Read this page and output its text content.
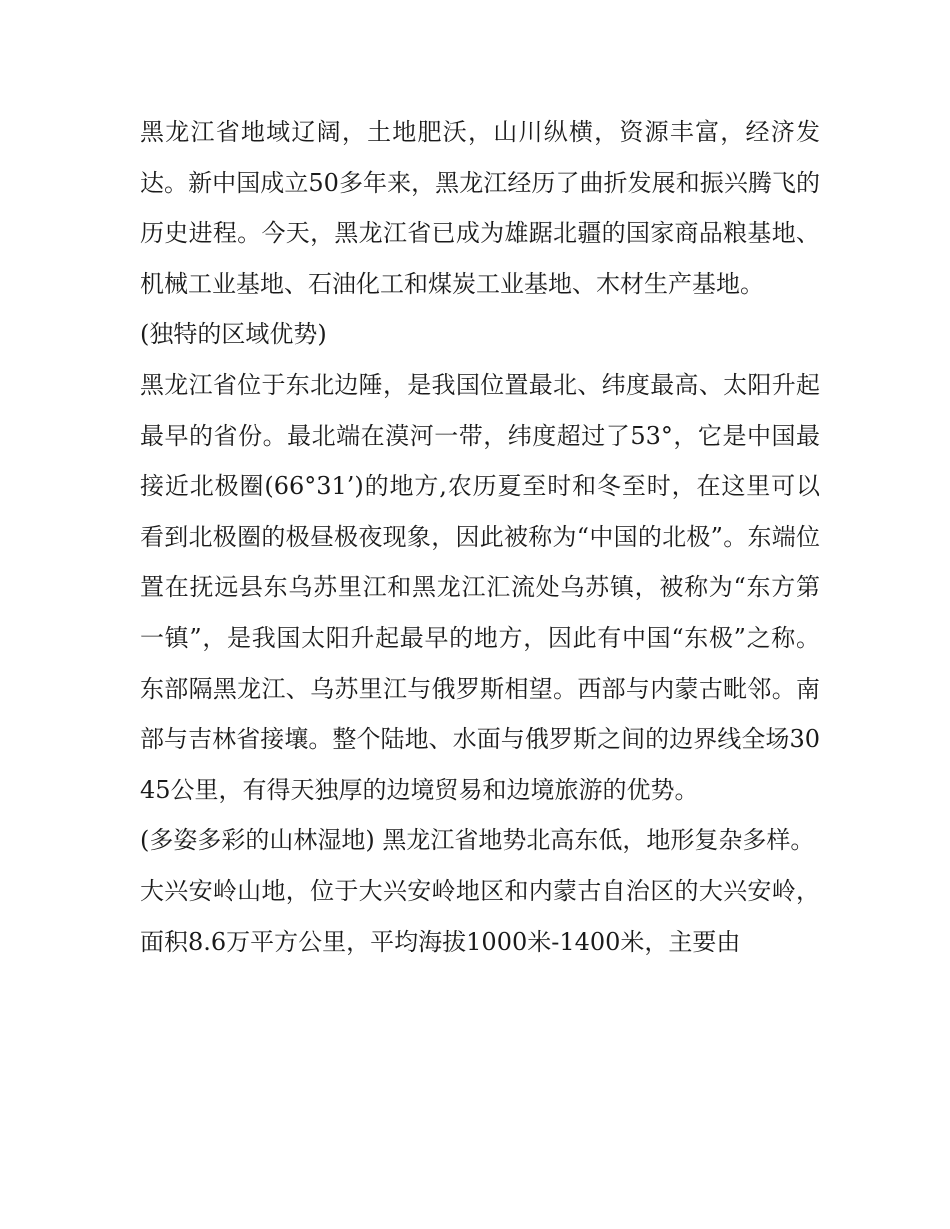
黑龙江省地域辽阔，土地肥沃，山川纵横，资源丰富，经济发达。新中国成立50多年来，黑龙江经历了曲折发展和振兴腾飞的历史进程。今天，黑龙江省已成为雄踞北疆的国家商品粮基地、机械工业基地、石油化工和煤炭工业基地、木材生产基地。

(独特的区域优势)

黑龙江省位于东北边陲，是我国位置最北、纬度最高、太阳升起最早的省份。最北端在漠河一带，纬度超过了53°，它是中国最接近北极圈(66°31’)的地方,农历夏至时和冬至时，在这里可以看到北极圈的极昼极夜现象，因此被称为“中国的北极”。东端位置在抚远县东乌苏里江和黑龙江汇流处乌苏镇，被称为“东方第一镇”，是我国太阳升起最早的地方，因此有中国“东极”之称。东部隔黑龙江、乌苏里江与俄罗斯相望。西部与内蒙古毗邻。南部与吉林省接壤。整个陆地、水面与俄罗斯之间的边界线全场3045公里，有得天独厚的边境贸易和边境旅游的优势。

(多姿多彩的山林湿地) 黑龙江省地势北高东低，地形复杂多样。

大兴安岭山地，位于大兴安岭地区和内蒙古自治区的大兴安岭，面积8.6万平方公里，平均海拔1000米-1400米，主要由
